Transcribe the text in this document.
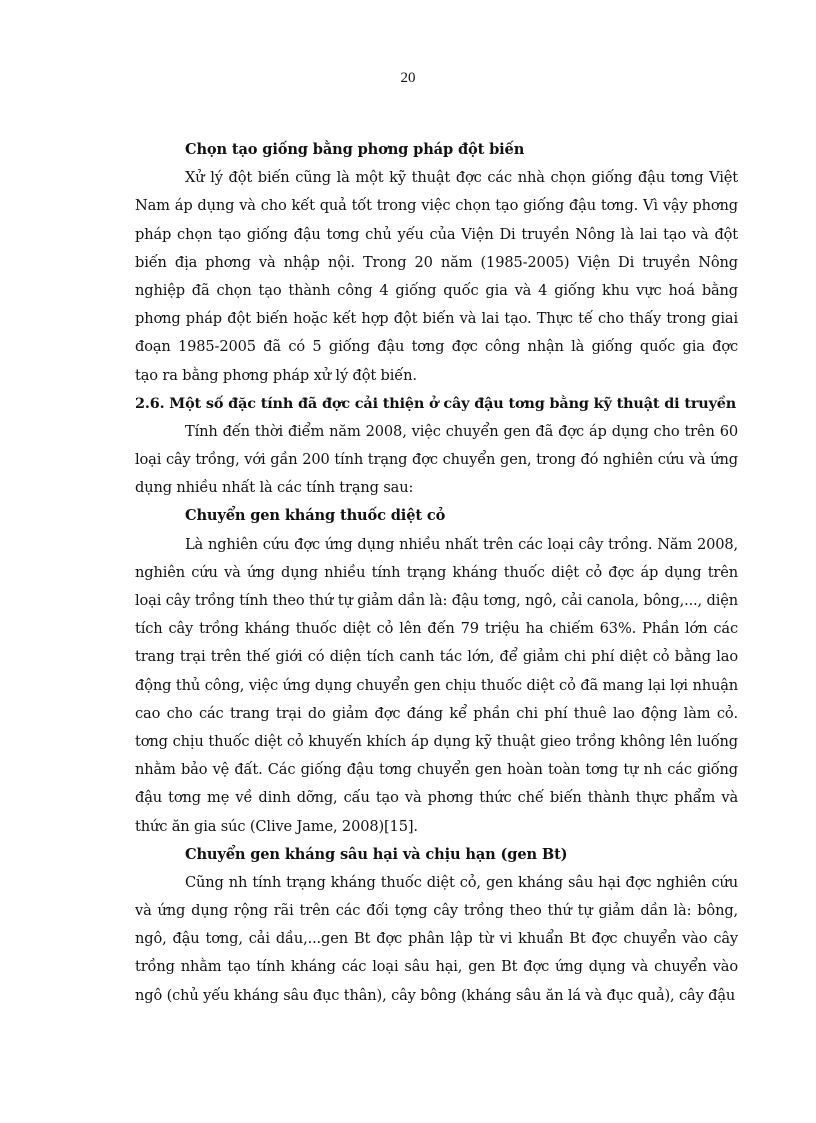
20
Chọn tạo giống bằng phơng pháp đột biến
Xử lý đột biến cũng là một kỹ thuật đợc các nhà chọn giống đậu tơng Việt
Nam áp dụng và cho kết quả tốt trong việc chọn tạo giống đậu tơng. Vì vậy phơng
pháp chọn tạo giống đậu tơng chủ yếu của Viện Di truyền Nông là lai tạo và đột
biến địa phơng và nhập nội. Trong 20 năm (1985-2005) Viện Di truyền Nông
nghiệp đã chọn tạo thành công 4 giống quốc gia và 4 giống khu vực hoá bằng
phơng pháp đột biến hoặc kết hợp đột biến và lai tạo. Thực tế cho thấy trong giai
đoạn 1985-2005 đã có 5 giống đậu tơng đợc công nhận là giống quốc gia đợc
tạo ra bằng phơng pháp xử lý đột biến.
2.6. Một số đặc tính đã đợc cải thiện ở cây đậu tơng bằng kỹ thuật di truyền
Tính đến thời điểm năm 2008, việc chuyển gen đã đợc áp dụng cho trên 60
loại cây trồng, với gần 200 tính trạng đợc chuyển gen, trong đó nghiên cứu và ứng
dụng nhiều nhất là các tính trạng sau:
Chuyển gen kháng thuốc diệt cỏ
Là nghiên cứu đợc ứng dụng nhiều nhất trên các loại cây trồng. Năm 2008,
nghiên cứu và ứng dụng nhiều tính trạng kháng thuốc diệt cỏ đợc áp dụng trên
loại cây trồng tính theo thứ tự giảm dần là: đậu tơng, ngô, cải canola, bông,..., diện
tích cây trồng kháng thuốc diệt cỏ lên đến 79 triệu ha chiếm 63%. Phần lớn các
trang trại trên thế giới có diện tích canh tác lớn, để giảm chi phí diệt cỏ bằng lao
động thủ công, việc ứng dụng chuyển gen chịu thuốc diệt cỏ đã mang lại lợi nhuận
cao cho các trang trại do giảm đợc đáng kể phần chi phí thuê lao động làm cỏ.
tơng chịu thuốc diệt cỏ khuyến khích áp dụng kỹ thuật gieo trồng không lên luống
nhằm bảo vệ đất. Các giống đậu tơng chuyển gen hoàn toàn tơng tự nh các giống
đậu tơng mẹ về dinh dỡng, cấu tạo và phơng thức chế biến thành thực phẩm và
thức ăn gia súc (Clive Jame, 2008)[15].
Chuyển gen kháng sâu hại và chịu hạn (gen Bt)
Cũng nh tính trạng kháng thuốc diệt cỏ, gen kháng sâu hại đợc nghiên cứu
và ứng dụng rộng rãi trên các đối tợng cây trồng theo thứ tự giảm dần là: bông,
ngô, đậu tơng, cải dầu,...gen Bt đợc phân lập từ vi khuẩn Bt đợc chuyển vào cây
trồng nhằm tạo tính kháng các loại sâu hại, gen Bt đợc ứng dụng và chuyển vào
ngô (chủ yếu kháng sâu đục thân), cây bông (kháng sâu ăn lá và đục quả), cây đậu
